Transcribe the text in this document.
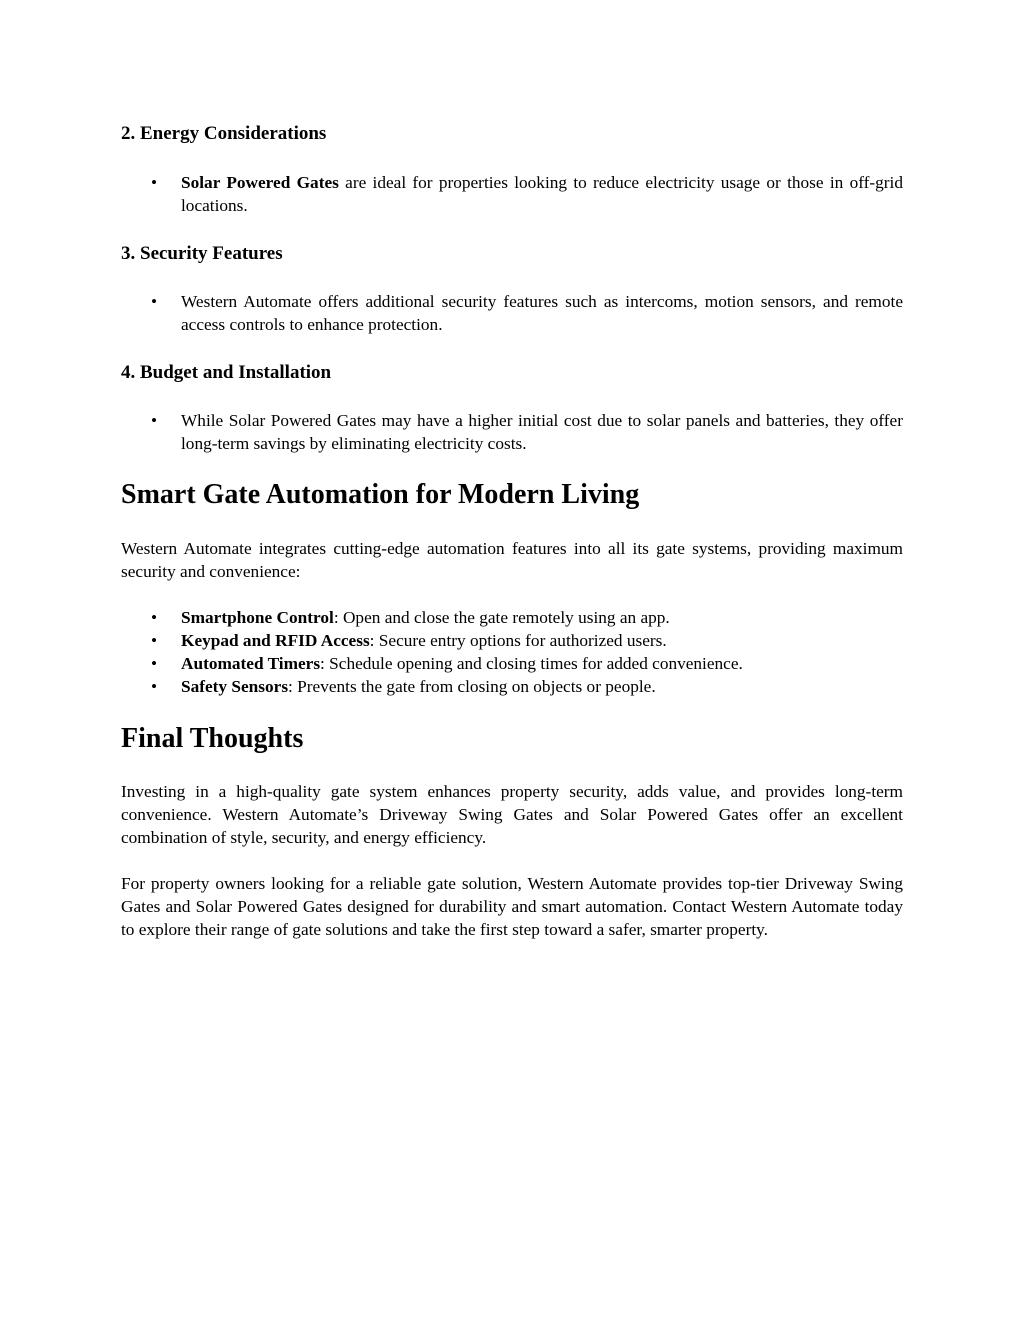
2. Energy Considerations
• Solar Powered Gates are ideal for properties looking to reduce electricity usage or those in off-grid locations.
3. Security Features
• Western Automate offers additional security features such as intercoms, motion sensors, and remote access controls to enhance protection.
4. Budget and Installation
• While Solar Powered Gates may have a higher initial cost due to solar panels and batteries, they offer long-term savings by eliminating electricity costs.
Smart Gate Automation for Modern Living

Western Automate integrates cutting-edge automation features into all its gate systems, providing maximum security and convenience:

• Smartphone Control: Open and close the gate remotely using an app.
• Keypad and RFID Access: Secure entry options for authorized users.
• Automated Timers: Schedule opening and closing times for added convenience.
• Safety Sensors: Prevents the gate from closing on objects or people.
Final Thoughts

Investing in a high-quality gate system enhances property security, adds value, and provides long-term convenience. Western Automate’s Driveway Swing Gates and Solar Powered Gates offer an excellent combination of style, security, and energy efficiency.

For property owners looking for a reliable gate solution, Western Automate provides top-tier Driveway Swing Gates and Solar Powered Gates designed for durability and smart automation. Contact Western Automate today to explore their range of gate solutions and take the first step toward a safer, smarter property.
